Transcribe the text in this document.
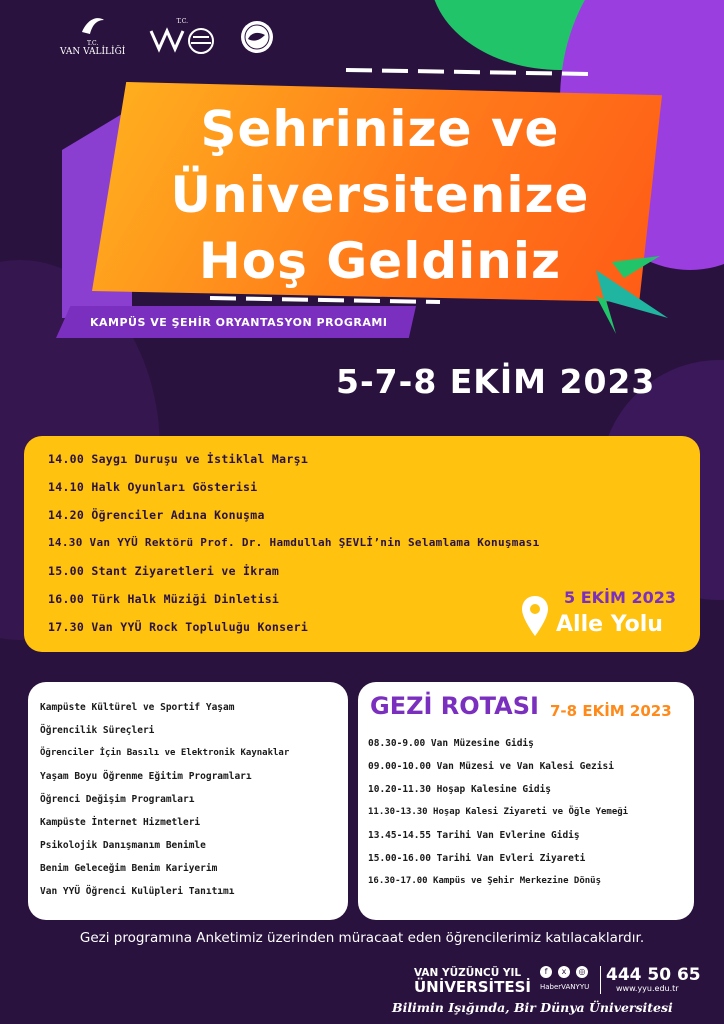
T.C.
VAN VALİLİĞİ
T.C.
Şehrinize ve
Üniversitenize
Hoş Geldiniz
KAMPÜS VE ŞEHİR ORYANTASYON PROGRAMI
5-7-8 EKİM 2023
14.00 Saygı Duruşu ve İstiklal Marşı
14.10 Halk Oyunları Gösterisi
14.20 Öğrenciler Adına Konuşma
14.30 Van YYÜ Rektörü Prof. Dr. Hamdullah ŞEVLİ’nin Selamlama Konuşması
15.00 Stant Ziyaretleri ve İkram
16.00 Türk Halk Müziği Dinletisi
17.30 Van YYÜ Rock Topluluğu Konseri
5 EKİM 2023
Alle Yolu
Kampüste Kültürel ve Sportif Yaşam
Öğrencilik Süreçleri
Öğrenciler İçin Basılı ve Elektronik Kaynaklar
Yaşam Boyu Öğrenme Eğitim Programları
Öğrenci Değişim Programları
Kampüste İnternet Hizmetleri
Psikolojik Danışmanım Benimle
Benim Geleceğim Benim Kariyerim
Van YYÜ Öğrenci Kulüpleri Tanıtımı
GEZİ ROTASI 7-8 EKİM 2023
08.30-9.00 Van Müzesine Gidiş
09.00-10.00 Van Müzesi ve Van Kalesi Gezisi
10.20-11.30 Hoşap Kalesine Gidiş
11.30-13.30 Hoşap Kalesi Ziyareti ve Öğle Yemeği
13.45-14.55 Tarihi Van Evlerine Gidiş
15.00-16.00 Tarihi Van Evleri Ziyareti
16.30-17.00 Kampüs ve Şehir Merkezine Dönüş
Gezi programına Anketimiz üzerinden müracaat eden öğrencilerimiz katılacaklardır.
VAN YÜZÜNCÜ YIL
ÜNİVERSİTESİ
f	x	◎
HaberVANYYU
444 50 65
www.yyu.edu.tr
Bilimin Işığında, Bir Dünya Üniversitesi
